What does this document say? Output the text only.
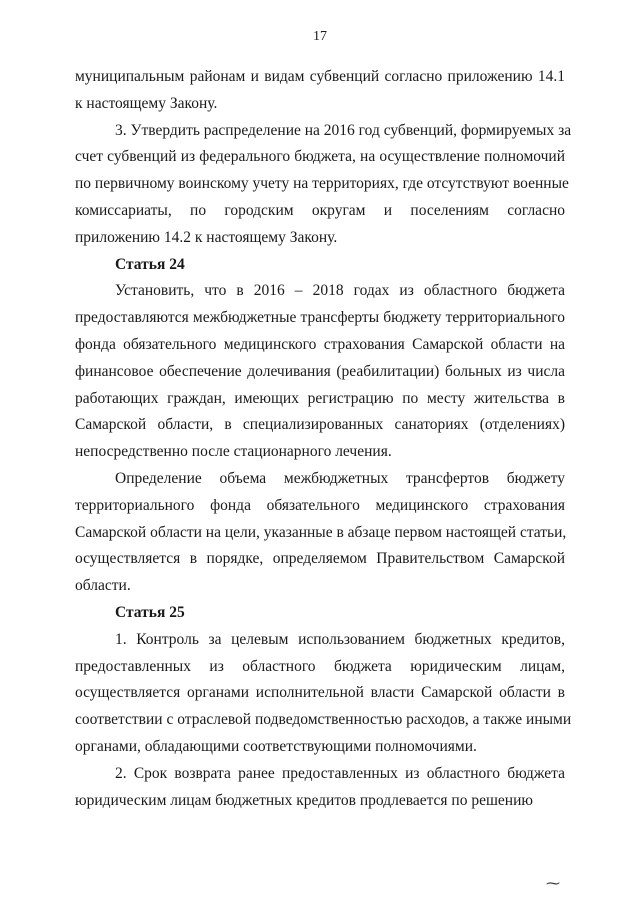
17
муниципальным районам и видам субвенций согласно приложению 14.1
к настоящему Закону.
3. Утвердить распределение на 2016 год субвенций, формируемых за
счет субвенций из федерального бюджета, на осуществление полномочий
по первичному воинскому учету на территориях, где отсутствуют военные
комиссариаты, по городским округам и поселениям согласно
приложению 14.2 к настоящему Закону.
Статья 24
Установить, что в 2016 – 2018 годах из областного бюджета
предоставляются межбюджетные трансферты бюджету территориального
фонда обязательного медицинского страхования Самарской области на
финансовое обеспечение долечивания (реабилитации) больных из числа
работающих граждан, имеющих регистрацию по месту жительства в
Самарской области, в специализированных санаториях (отделениях)
непосредственно после стационарного лечения.
Определение объема межбюджетных трансфертов бюджету
территориального фонда обязательного медицинского страхования
Самарской области на цели, указанные в абзаце первом настоящей статьи,
осуществляется в порядке, определяемом Правительством Самарской
области.
Статья 25
1. Контроль за целевым использованием бюджетных кредитов,
предоставленных из областного бюджета юридическим лицам,
осуществляется органами исполнительной власти Самарской области в
соответствии с отраслевой подведомственностью расходов, а также иными
органами, обладающими соответствующими полномочиями.
2. Срок возврата ранее предоставленных из областного бюджета
юридическим лицам бюджетных кредитов продлевается по решению
⁓
